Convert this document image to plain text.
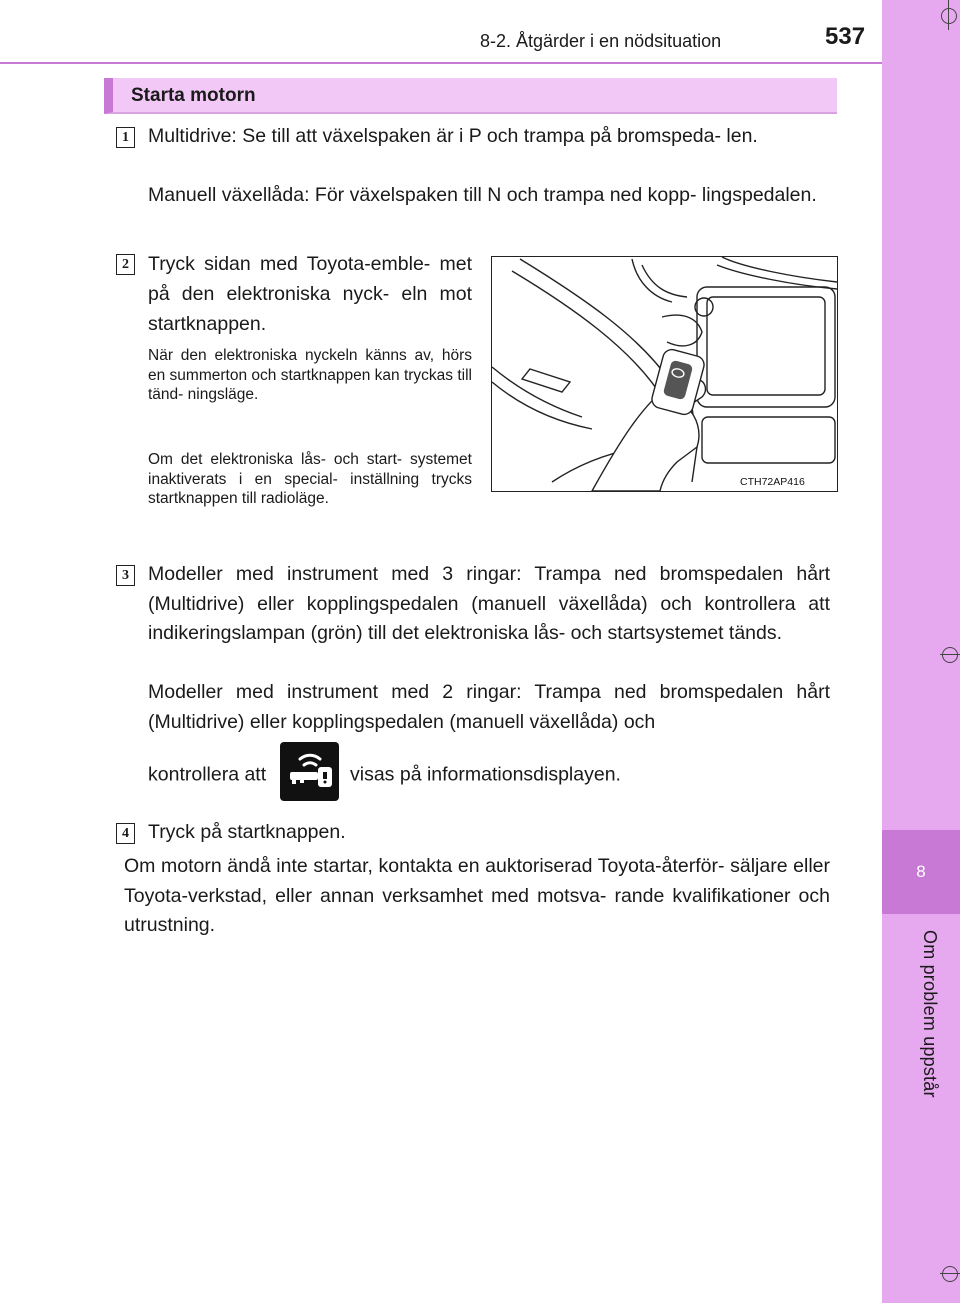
8
Om problem uppstår
8-2. Åtgärder i en nödsituation	537
Starta motorn
1 Multidrive: Se till att växelspaken är i P och trampa på bromspeda- len.
Manuell växellåda: För växelspaken till N och trampa ned kopp- lingspedalen.
2 Tryck sidan med Toyota-emble- met på den elektroniska nyck- eln mot startknappen.
När den elektroniska nyckeln känns av, hörs en summerton och startknappen kan tryckas till tänd- ningsläge.
Om det elektroniska lås- och start- systemet inaktiverats i en special- inställning trycks startknappen till radioläge.
CTH72AP416
3 Modeller med instrument med 3 ringar: Trampa ned bromspedalen hårt (Multidrive) eller kopplingspedalen (manuell växellåda) och kontrollera att indikeringslampan (grön) till det elektroniska lås- och startsystemet tänds.
Modeller med instrument med 2 ringar: Trampa ned bromspedalen hårt (Multidrive) eller kopplingspedalen (manuell växellåda) och
kontrollera att	visas på informationsdisplayen.
4 Tryck på startknappen.
Om motorn ändå inte startar, kontakta en auktoriserad Toyota-återför- säljare eller Toyota-verkstad, eller annan verksamhet med motsva- rande kvalifikationer och utrustning.
